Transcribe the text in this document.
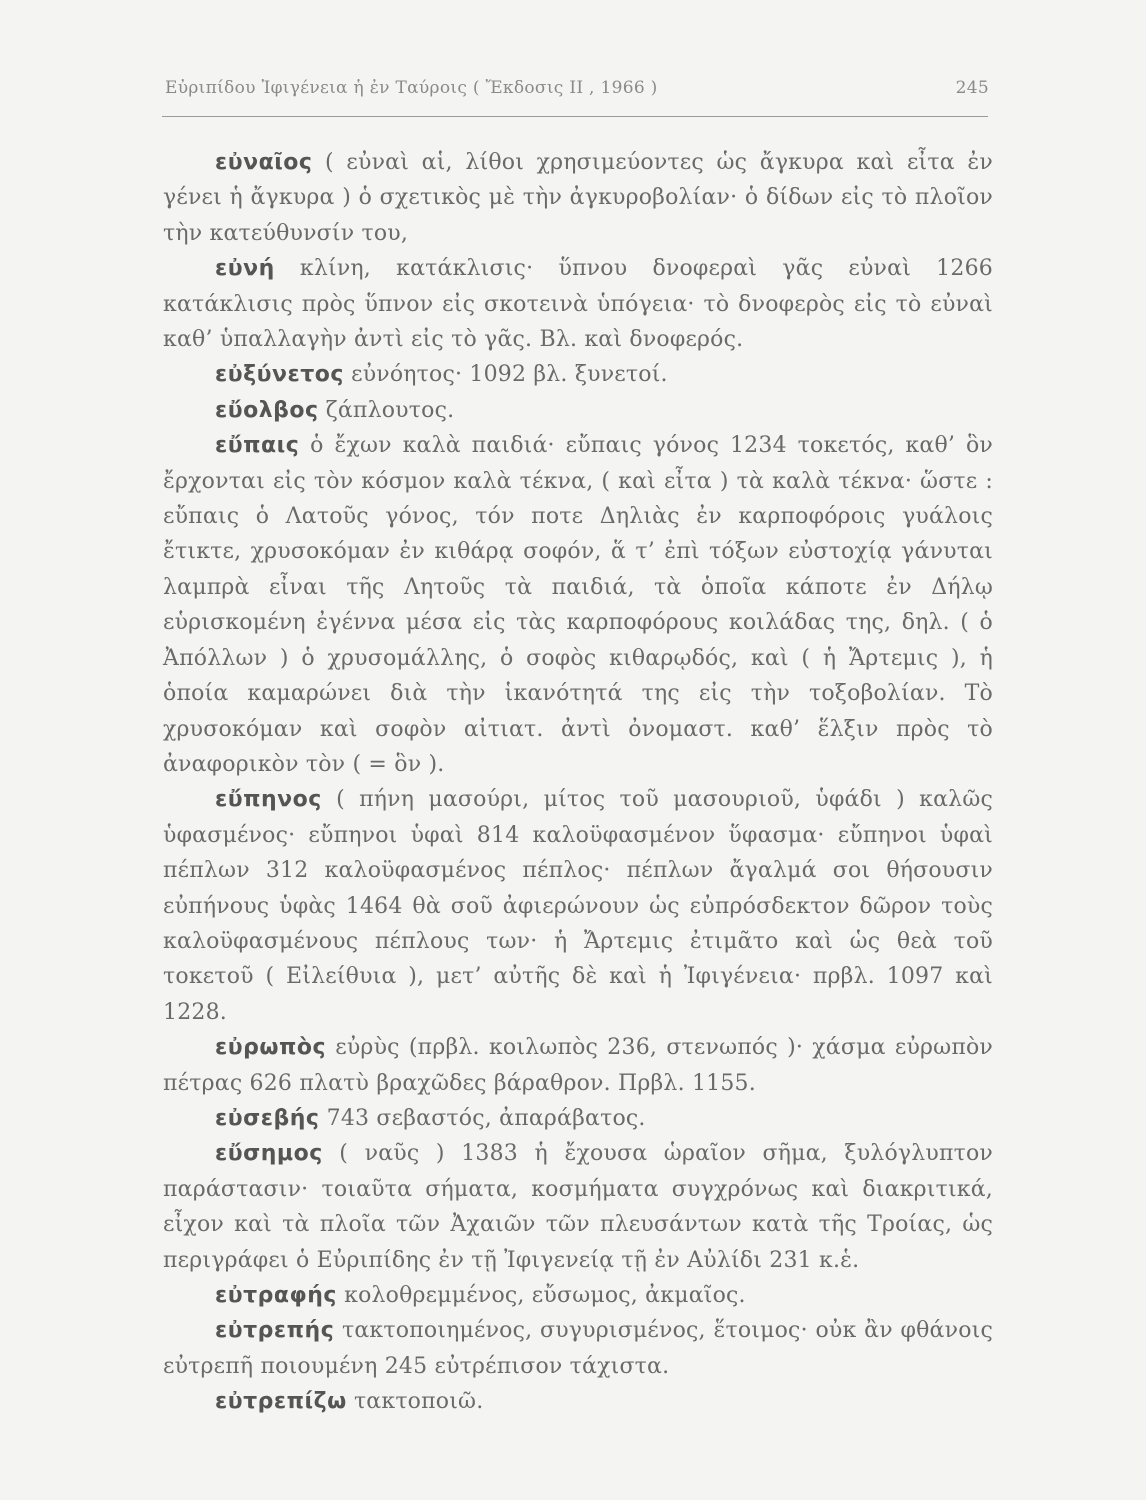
Εὐριπίδου Ἰφιγένεια ἡ ἐν Ταύροις ( Ἔκδοσις ΙΙ , 1966 )	245

εὐναῖος ( εὐναὶ αἱ, λίθοι χρησιμεύοντες ὡς ἄγκυρα καὶ εἶτα ἐν γένει ἡ ἄγκυρα ) ὁ σχετικὸς μὲ τὴν ἀγκυροβολίαν· ὁ δίδων εἰς τὸ πλοῖον τὴν κατεύθυνσίν του,

εὐνή κλίνη, κατάκλισις· ὕπνου δνοφεραὶ γᾶς εὐναὶ 1266 κατάκλισις πρὸς ὕπνον εἰς σκοτεινὰ ὑπόγεια· τὸ δνοφερὸς εἰς τὸ εὐναὶ καθ’ ὑπαλλαγὴν ἀντὶ εἰς τὸ γᾶς. Βλ. καὶ δνοφερός.

εὐξύνετος εὐνόητος· 1092 βλ. ξυνετοί.

εὔολβος ζάπλουτος.

εὔπαις ὁ ἔχων καλὰ παιδιά· εὔπαις γόνος 1234 τοκετός, καθ’ ὃν ἔρχονται εἰς τὸν κόσμον καλὰ τέκνα, ( καὶ εἶτα ) τὰ καλὰ τέκνα· ὥστε : εὔπαις ὁ Λατοῦς γόνος, τόν ποτε Δηλιὰς ἐν καρποφόροις γυάλοις ἔτικτε, χρυσοκόμαν ἐν κιθάρᾳ σοφόν, ἅ τ’ ἐπὶ τόξων εὐστοχίᾳ γάνυται λαμπρὰ εἶναι τῆς Λητοῦς τὰ παιδιά, τὰ ὁποῖα κάποτε ἐν Δήλῳ εὑρισκομένη ἐγέννα μέσα εἰς τὰς καρποφόρους κοιλάδας της, δηλ. ( ὁ Ἀπόλλων ) ὁ χρυσομάλλης, ὁ σοφὸς κιθαρῳδός, καὶ ( ἡ Ἄρτεμις ), ἡ ὁποία καμαρώνει διὰ τὴν ἱκανότητά της εἰς τὴν τοξοβολίαν. Τὸ χρυσοκόμαν καὶ σοφὸν αἰτιατ. ἀντὶ ὀνομαστ. καθ’ ἕλξιν πρὸς τὸ ἀναφορικὸν τὸν ( = ὃν ).

εὔπηνος ( πήνη μασούρι, μίτος τοῦ μασουριοῦ, ὑφάδι ) καλῶς ὑφασμένος· εὔπηνοι ὑφαὶ 814 καλοϋφασμένον ὕφασμα· εὔπηνοι ὑφαὶ πέπλων 312 καλοϋφασμένος πέπλος· πέπλων ἄγαλμά σοι θήσουσιν εὐπήνους ὑφὰς 1464 θὰ σοῦ ἀφιερώνουν ὡς εὐπρόσδεκτον δῶρον τοὺς καλοϋφασμένους πέπλους των· ἡ Ἄρτεμις ἐτιμᾶτο καὶ ὡς θεὰ τοῦ τοκετοῦ ( Εἰλείθυια ), μετ’ αὐτῆς δὲ καὶ ἡ Ἰφιγένεια· πρβλ. 1097 καὶ 1228.

εὐρωπὸς εὐρὺς (πρβλ. κοιλωπὸς 236, στενωπός )· χάσμα εὐρωπὸν πέτρας 626 πλατὺ βραχῶδες βάραθρον. Πρβλ. 1155.

εὐσεβής 743 σεβαστός, ἀπαράβατος.

εὔσημος ( ναῦς ) 1383 ἡ ἔχουσα ὡραῖον σῆμα, ξυλόγλυπτον παράστασιν· τοιαῦτα σήματα, κοσμήματα συγχρόνως καὶ διακριτικά, εἶχον καὶ τὰ πλοῖα τῶν Ἀχαιῶν τῶν πλευσάντων κατὰ τῆς Τροίας, ὡς περιγράφει ὁ Εὐριπίδης ἐν τῇ Ἰφιγενείᾳ τῇ ἐν Αὐλίδι 231 κ.ἑ.

εὐτραφής κολοθρεμμένος, εὔσωμος, ἀκμαῖος.

εὐτρεπής τακτοποιημένος, συγυρισμένος, ἕτοιμος· οὐκ ἂν φθάνοις εὐτρεπῆ ποιουμένη 245 εὐτρέπισον τάχιστα.

εὐτρεπίζω τακτοποιῶ.
